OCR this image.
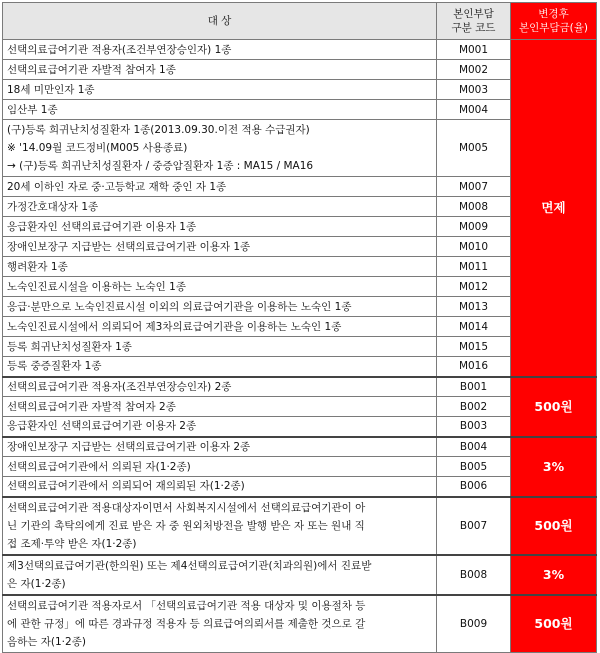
대 상	본인부담
구분 코드	변경후
본인부담금(율)

선택의료급여기관 적용자(조건부연장승인자) 1종	M001	면제

선택의료급여기관 자발적 참여자 1종	M002	

18세 미만인자 1종	M003	

임산부 1종	M004	

(구)등록 희귀난치성질환자 1종(2013.09.30.이전 적용 수급권자)
※ '14.09월 코드정비(M005 사용종료)
→ (구)등록 희귀난치성질환자 / 중증암질환자 1종 : MA15 / MA16	M005	

20세 이하인 자로 중·고등학교 재학 중인 자 1종	M007	

가정간호대상자 1종	M008	

응급환자인 선택의료급여기관 이용자 1종	M009	

장애인보장구 지급받는 선택의료급여기관 이용자 1종	M010	

행려환자 1종	M011	

노숙인진료시설을 이용하는 노숙인 1종	M012	

응급·분만으로 노숙인진료시설 이외의 의료급여기관을 이용하는 노숙인 1종	M013	

노숙인진료시설에서 의뢰되어 제3차의료급여기관을 이용하는 노숙인 1종	M014	

등록 희귀난치성질환자 1종	M015	

등록 중증질환자 1종	M016	

선택의료급여기관 적용자(조건부연장승인자) 2종	B001	500원

선택의료급여기관 자발적 참여자 2종	B002	

응급환자인 선택의료급여기관 이용자 2종	B003	

장애인보장구 지급받는 선택의료급여기관 이용자 2종	B004	3%

선택의료급여기관에서 의뢰된 자(1·2종)	B005	

선택의료급여기관에서 의뢰되어 재의뢰된 자(1·2종)	B006	

선택의료급여기관 적용대상자이면서 사회복지시설에서 선택의료급여기관이 아
닌 기관의 촉탁의에게 진료 받은 자 중 원외처방전을 발행 받은 자 또는 원내 직
접 조제·투약 받은 자(1·2종)	B007	500원

제3선택의료급여기관(한의원) 또는 제4선택의료급여기관(치과의원)에서 진료받
은 자(1·2종)	B008	3%

선택의료급여기관 적용자로서 「선택의료급여기관 적용 대상자 및 이용절차 등
에 관한 규정」에 따른 경과규정 적용자 등 의료급여의뢰서를 제출한 것으로 갈
음하는 자(1·2종)	B009	500원
